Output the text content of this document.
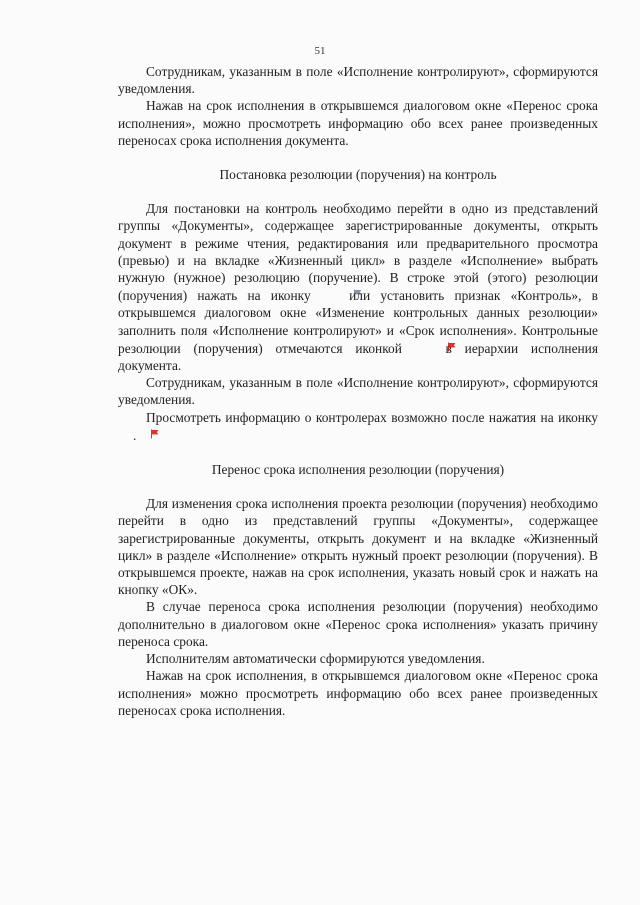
51

Сотрудникам, указанным в поле «Исполнение контролируют», сформируются уведомления.

Нажав на срок исполнения в открывшемся диалоговом окне «Перенос срока исполнения», можно просмотреть информацию обо всех ранее произведенных переносах срока исполнения документа.

Постановка резолюции (поручения) на контроль

Для постановки на контроль необходимо перейти в одно из представлений группы «Документы», содержащее зарегистрированные документы, открыть документ в режиме чтения, редактирования или предварительного просмотра (превью) и на вкладке «Жизненный цикл» в разделе «Исполнение» выбрать нужную (нужное) резолюцию (поручение). В строке этой (этого) резолюции (поручения) нажать на иконку	или установить признак «Контроль», в открывшемся диалоговом окне «Изменение контрольных данных резолюции» заполнить поля «Исполнение контролируют» и «Срок исполнения». Контрольные резолюции (поручения) отмечаются иконкой	в иерархии исполнения документа.

Сотрудникам, указанным в поле «Исполнение контролируют», сформируются уведомления.

Просмотреть информацию о контролерах возможно после нажатия на иконку .

Перенос срока исполнения резолюции (поручения)

Для изменения срока исполнения проекта резолюции (поручения) необходимо перейти в одно из представлений группы «Документы», содержащее зарегистрированные документы, открыть документ и на вкладке «Жизненный цикл» в разделе «Исполнение» открыть нужный проект резолюции (поручения). В открывшемся проекте, нажав на срок исполнения, указать новый срок и нажать на кнопку «ОК».

В случае переноса срока исполнения резолюции (поручения) необходимо дополнительно в диалоговом окне «Перенос срока исполнения» указать причину переноса срока.

Исполнителям автоматически сформируются уведомления.

Нажав на срок исполнения, в открывшемся диалоговом окне «Перенос срока исполнения» можно просмотреть информацию обо всех ранее произведенных переносах срока исполнения.
